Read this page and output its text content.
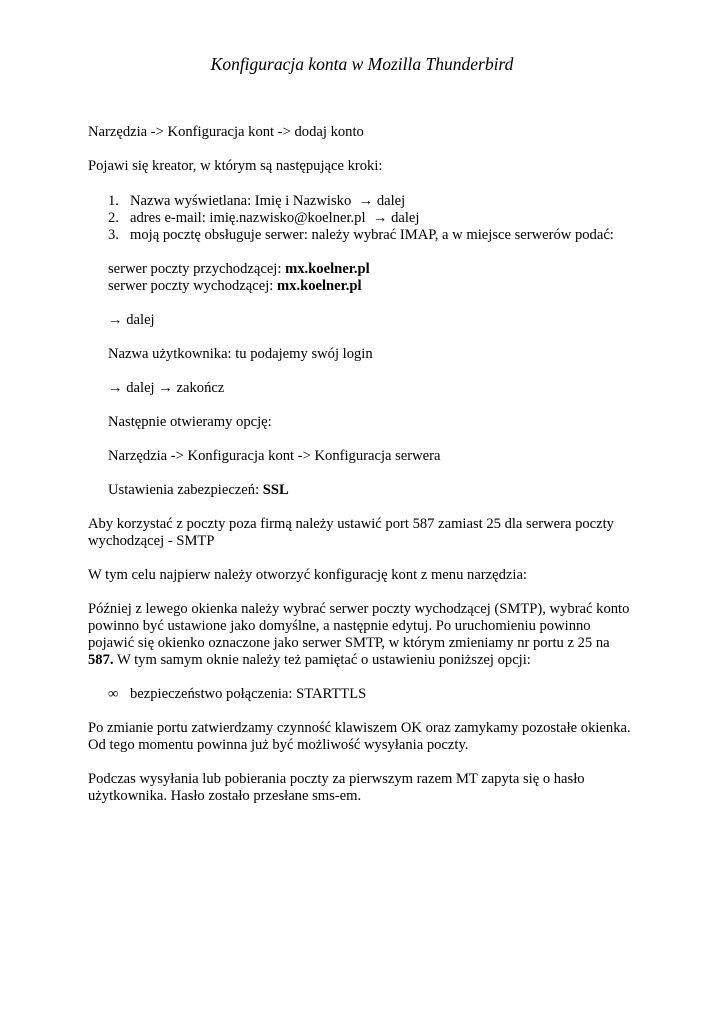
Konfiguracja konta w Mozilla Thunderbird
Narzędzia -> Konfiguracja kont -> dodaj konto
Pojawi się kreator, w którym są następujące kroki:
1. Nazwa wyświetlana: Imię i Nazwisko → dalej
2. adres e-mail: imię.nazwisko@koelner.pl → dalej
3. moją pocztę obsługuje serwer: należy wybrać IMAP, a w miejsce serwerów podać:
serwer poczty przychodzącej: mx.koelner.pl
serwer poczty wychodzącej: mx.koelner.pl
→ dalej
Nazwa użytkownika: tu podajemy swój login
→ dalej → zakończ
Następnie otwieramy opcję:
Narzędzia -> Konfiguracja kont -> Konfiguracja serwera
Ustawienia zabezpieczeń: SSL
Aby korzystać z poczty poza firmą należy ustawić port 587 zamiast 25 dla serwera poczty
wychodzącej - SMTP
W tym celu najpierw należy otworzyć konfigurację kont z menu narzędzia:
Później z lewego okienka należy wybrać serwer poczty wychodzącej (SMTP), wybrać konto
powinno być ustawione jako domyślne, a następnie edytuj. Po uruchomieniu powinno
pojawić się okienko oznaczone jako serwer SMTP, w którym zmieniamy nr portu z 25 na
587. W tym samym oknie należy też pamiętać o ustawieniu poniższej opcji:
∞ bezpieczeństwo połączenia: STARTTLS
Po zmianie portu zatwierdzamy czynność klawiszem OK oraz zamykamy pozostałe okienka.
Od tego momentu powinna już być możliwość wysyłania poczty.
Podczas wysyłania lub pobierania poczty za pierwszym razem MT zapyta się o hasło
użytkownika. Hasło zostało przesłane sms-em.
